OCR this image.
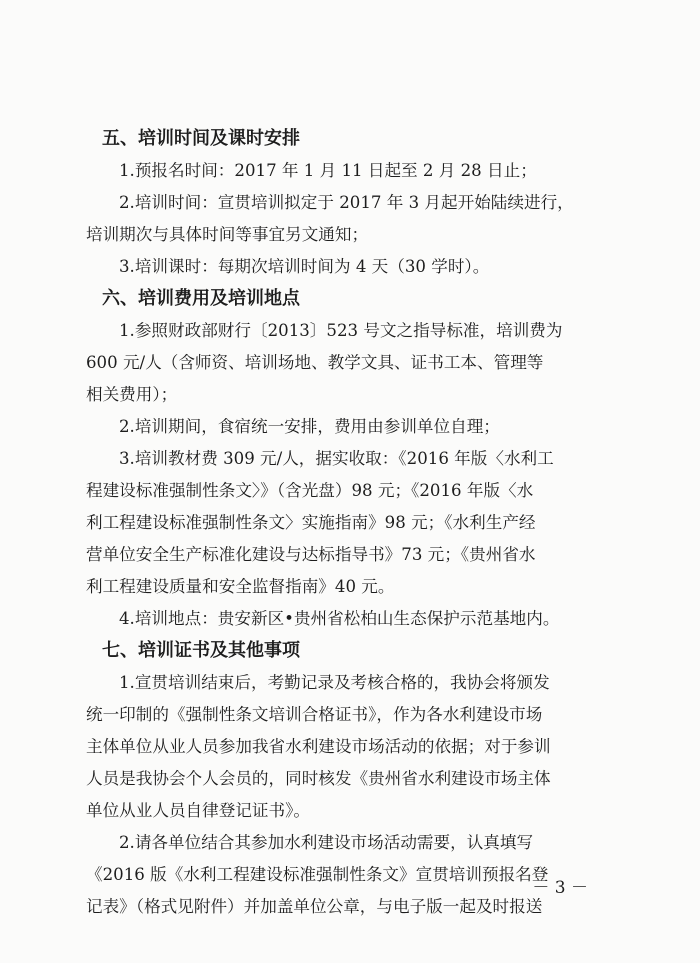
五、培训时间及课时安排
1.预报名时间：2017 年 1 月 11 日起至 2 月 28 日止；
2.培训时间：宣贯培训拟定于 2017 年 3 月起开始陆续进行，
培训期次与具体时间等事宜另文通知；
3.培训课时：每期次培训时间为 4 天（30 学时）。
六、培训费用及培训地点
1.参照财政部财行〔2013〕523 号文之指导标准，培训费为
600 元/人（含师资、培训场地、教学文具、证书工本、管理等
相关费用）；
2.培训期间，食宿统一安排，费用由参训单位自理；
3.培训教材费 309 元/人，据实收取：《2016 年版〈水利工
程建设标准强制性条文〉》（含光盘）98 元；《2016 年版〈水
利工程建设标准强制性条文〉实施指南》98 元；《水利生产经
营单位安全生产标准化建设与达标指导书》73 元；《贵州省水
利工程建设质量和安全监督指南》40 元。
4.培训地点：贵安新区•贵州省松柏山生态保护示范基地内。
七、培训证书及其他事项
1.宣贯培训结束后，考勤记录及考核合格的，我协会将颁发
统一印制的《强制性条文培训合格证书》，作为各水利建设市场
主体单位从业人员参加我省水利建设市场活动的依据；对于参训
人员是我协会个人会员的，同时核发《贵州省水利建设市场主体
单位从业人员自律登记证书》。
2.请各单位结合其参加水利建设市场活动需要，认真填写
《2016 版《水利工程建设标准强制性条文》宣贯培训预报名登
记表》（格式见附件）并加盖单位公章，与电子版一起及时报送
－ 3 －
